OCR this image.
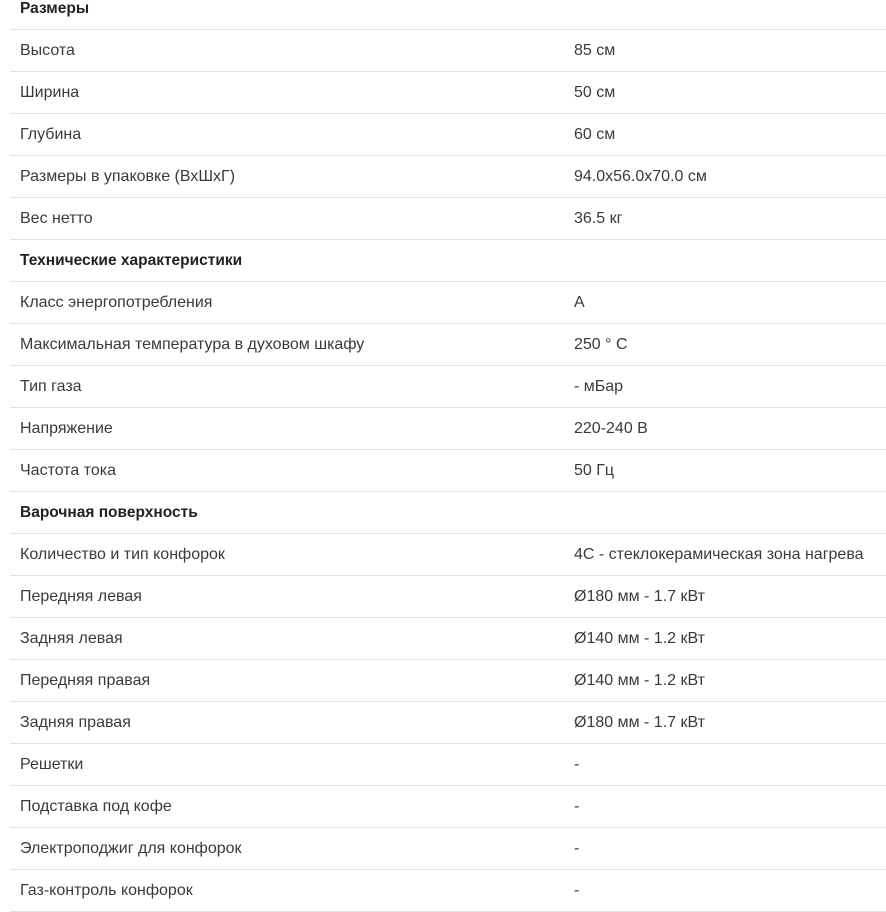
Размеры
Высота	85 см
Ширина	50 см
Глубина	60 см
Размеры в упаковке (ВхШхГ)	94.0x56.0x70.0 см
Вес нетто	36.5 кг
Технические характеристики
Класс энергопотребления	A
Максимальная температура в духовом шкафу	250 ° C
Тип газа	- мБар
Напряжение	220-240 В
Частота тока	50 Гц
Варочная поверхность
Количество и тип конфорок	4C - стеклокерамическая зона нагрева
Передняя левая	Ø180 мм - 1.7 кВт
Задняя левая	Ø140 мм - 1.2 кВт
Передняя правая	Ø140 мм - 1.2 кВт
Задняя правая	Ø180 мм - 1.7 кВт
Решетки	-
Подставка под кофе	-
Электроподжиг для конфорок	-
Газ-контроль конфорок	-
